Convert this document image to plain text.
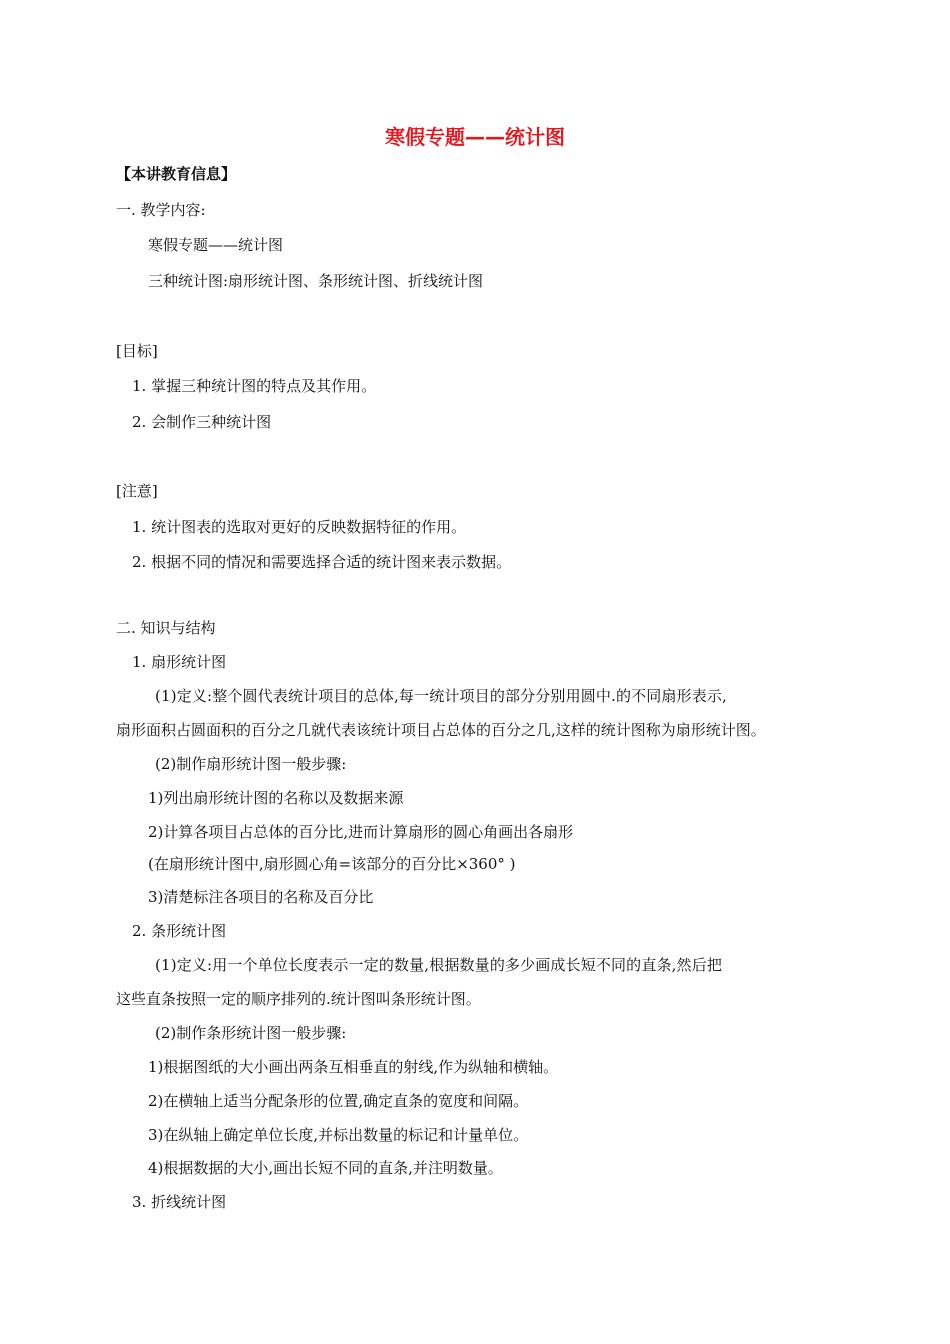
寒假专题——统计图
【本讲教育信息】
一. 教学内容:
寒假专题——统计图
三种统计图:扇形统计图、条形统计图、折线统计图
[目标]
1. 掌握三种统计图的特点及其作用。
2. 会制作三种统计图
[注意]
1. 统计图表的选取对更好的反映数据特征的作用。
2. 根据不同的情况和需要选择合适的统计图来表示数据。
二. 知识与结构
1. 扇形统计图
(1)定义:整个圆代表统计项目的总体,每一统计项目的部分分别用圆中.的不同扇形表示,
扇形面积占圆面积的百分之几就代表该统计项目占总体的百分之几,这样的统计图称为扇形统计图。
(2)制作扇形统计图一般步骤:
1)列出扇形统计图的名称以及数据来源
2)计算各项目占总体的百分比,进而计算扇形的圆心角画出各扇形
(在扇形统计图中,扇形圆心角=该部分的百分比×360° )
3)清楚标注各项目的名称及百分比
2. 条形统计图
(1)定义:用一个单位长度表示一定的数量,根据数量的多少画成长短不同的直条,然后把
这些直条按照一定的顺序排列的.统计图叫条形统计图。
(2)制作条形统计图一般步骤:
1)根据图纸的大小画出两条互相垂直的射线,作为纵轴和横轴。
2)在横轴上适当分配条形的位置,确定直条的宽度和间隔。
3)在纵轴上确定单位长度,并标出数量的标记和计量单位。
4)根据数据的大小,画出长短不同的直条,并注明数量。
3. 折线统计图
